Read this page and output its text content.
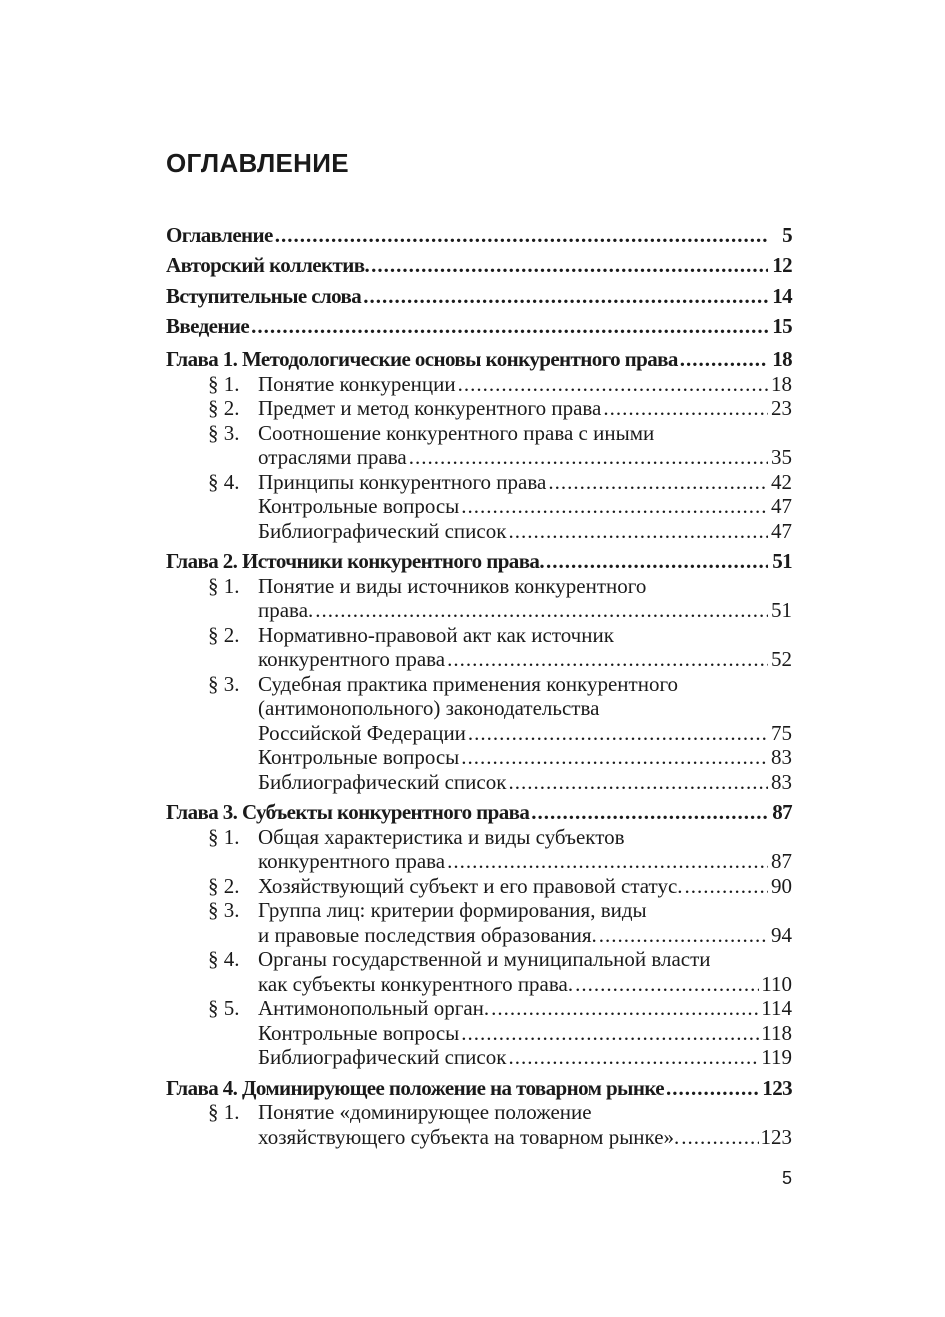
ОГЛАВЛЕНИЕ
Оглавление .....	5
Авторский коллектив. .....	12
Вступительные слова .....	14
Введение .....	15
Глава 1. Методологические основы конкурентного права .....	18
§ 1. Понятие конкуренции .....	18
§ 2. Предмет и метод конкурентного права .....	23
§ 3. Соотношение конкурентного права с иными
отраслями права .....	35
§ 4. Принципы конкурентного права .....	42
Контрольные вопросы .....	47
Библиографический список .....	47
Глава 2. Источники конкурентного права. .....	51
§ 1. Понятие и виды источников конкурентного
права. .....	51
§ 2. Нормативно-правовой акт как источник
конкурентного права .....	52
§ 3. Судебная практика применения конкурентного
(антимонопольного) законодательства
Российской Федерации .....	75
Контрольные вопросы .....	83
Библиографический список .....	83
Глава 3. Субъекты конкурентного права .....	87
§ 1. Общая характеристика и виды субъектов
конкурентного права .....	87
§ 2. Хозяйствующий субъект и его правовой статус. .....	90
§ 3. Группа лиц: критерии формирования, виды
и правовые последствия образования. .....	94
§ 4. Органы государственной и муниципальной власти
как субъекты конкурентного права. .....	110
§ 5. Антимонопольный орган. .....	114
Контрольные вопросы .....	118
Библиографический список .....	119
Глава 4. Доминирующее положение на товарном рынке .....	123
§ 1. Понятие «доминирующее положение
хозяйствующего субъекта на товарном рынке». .....	123
5
